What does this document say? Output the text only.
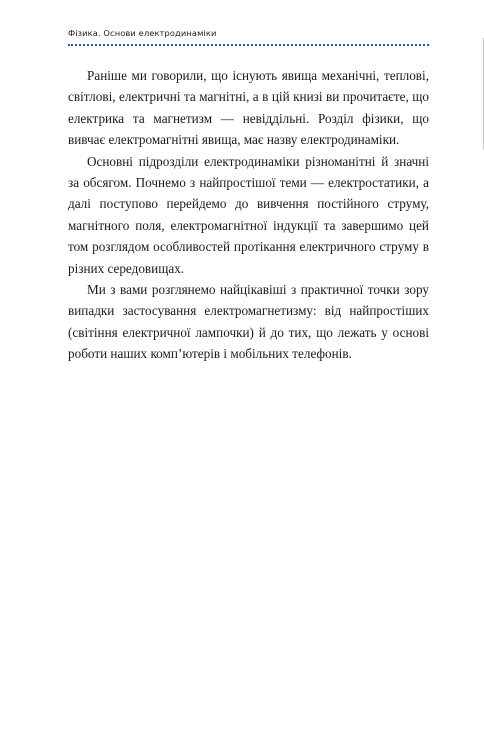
Фізика. Основи електродинаміки

Раніше ми говорили, що існують явища механічні, теплові, світлові, електричні та магнітні, а в цій книзі ви прочитаєте, що електрика та магнетизм — невіддільні. Розділ фізики, що вивчає електромагнітні явища, має назву електродинаміки.

Основні підрозділи електродинаміки різноманітні й значні за обсягом. Почнемо з найпростішої теми — електростатики, а далі поступово перейдемо до вивчення постійного струму, магнітного поля, електромагнітної індукції та завершимо цей том розглядом особливостей протікання електричного струму в різних середовищах.

Ми з вами розглянемо найцікавіші з практичної точки зору випадки застосування електромагнетизму: від найпростіших (світіння електричної лампочки) й до тих, що лежать у основі роботи наших комп’ютерів і мобільних телефонів.
